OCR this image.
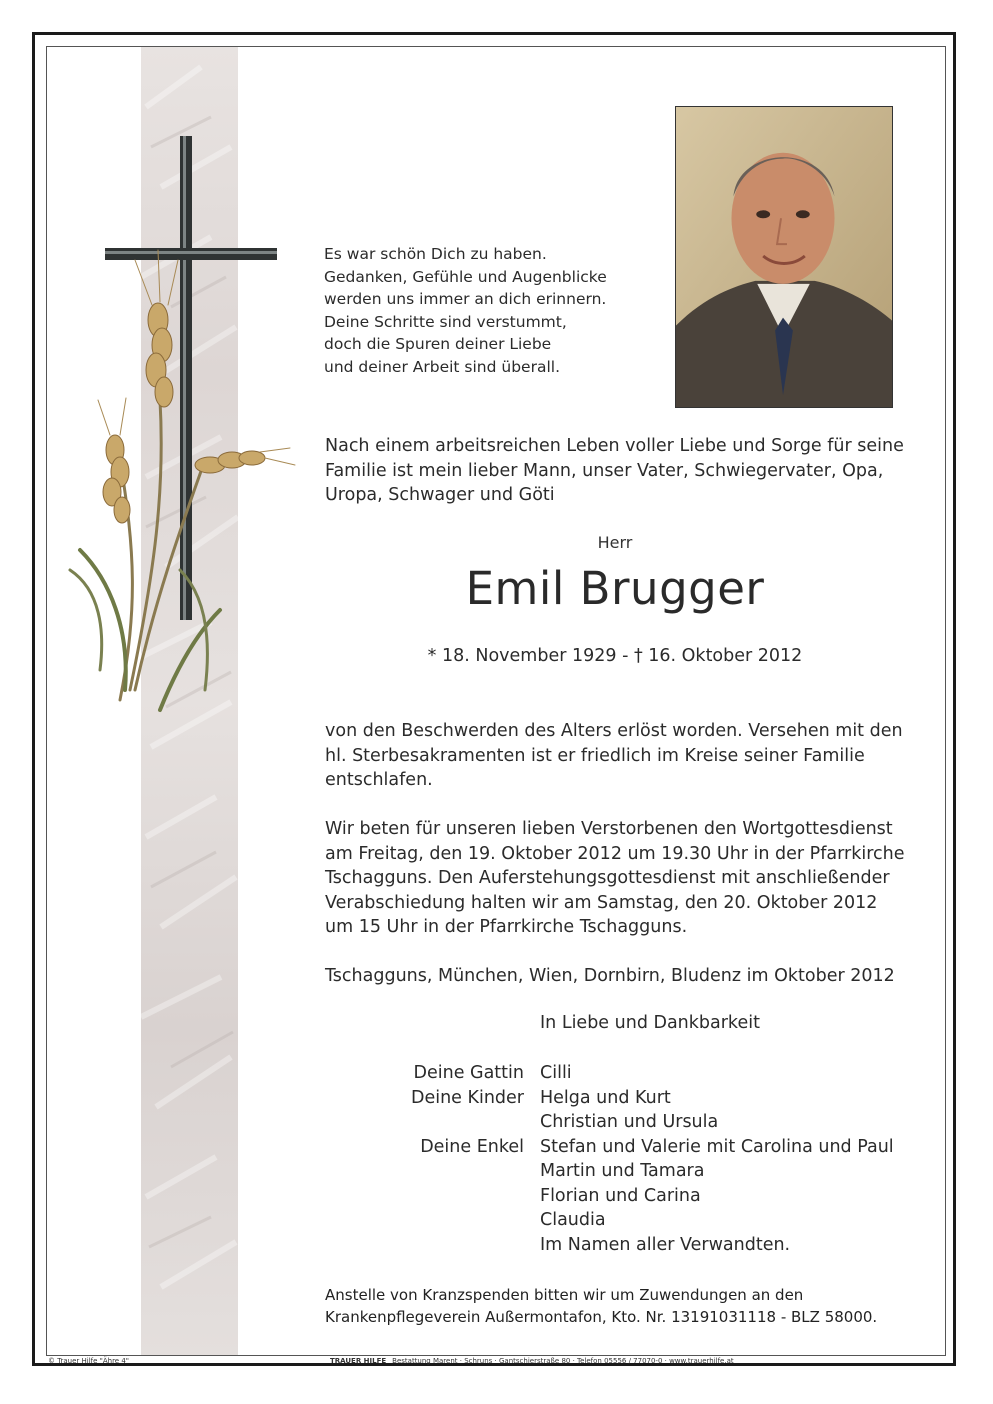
Es war schön Dich zu haben.
Gedanken, Gefühle und Augenblicke
werden uns immer an dich erinnern.
Deine Schritte sind verstummt,
doch die Spuren deiner Liebe
und deiner Arbeit sind überall.
Nach einem arbeitsreichen Leben voller Liebe und Sorge für seine
Familie ist mein lieber Mann, unser Vater, Schwiegervater, Opa,
Uropa, Schwager und Göti
Herr
Emil Brugger
* 18. November 1929 - † 16. Oktober 2012
von den Beschwerden des Alters erlöst worden. Versehen mit den
hl. Sterbesakramenten ist er friedlich im Kreise seiner Familie
entschlafen.
Wir beten für unseren lieben Verstorbenen den Wortgottesdienst
am Freitag, den 19. Oktober 2012 um 19.30 Uhr in der Pfarrkirche
Tschagguns. Den Auferstehungsgottesdienst mit anschließender
Verabschiedung halten wir am Samstag, den 20. Oktober 2012
um 15 Uhr in der Pfarrkirche Tschagguns.
Tschagguns, München, Wien, Dornbirn, Bludenz im Oktober 2012
In Liebe und Dankbarkeit
Deine Gattin Cilli
Deine Kinder Helga und Kurt
Christian und Ursula
Deine Enkel Stefan und Valerie mit Carolina und Paul
Martin und Tamara
Florian und Carina
Claudia
Im Namen aller Verwandten.
Anstelle von Kranzspenden bitten wir um Zuwendungen an den
Krankenpflegeverein Außermontafon, Kto. Nr. 13191031118 - BLZ 58000.
© Trauer Hilfe "Ähre 4"	TRAUER HILFE Bestattung Marent · Schruns · Gantschierstraße 80 · Telefon 05556 / 77070-0 · www.trauerhilfe.at
